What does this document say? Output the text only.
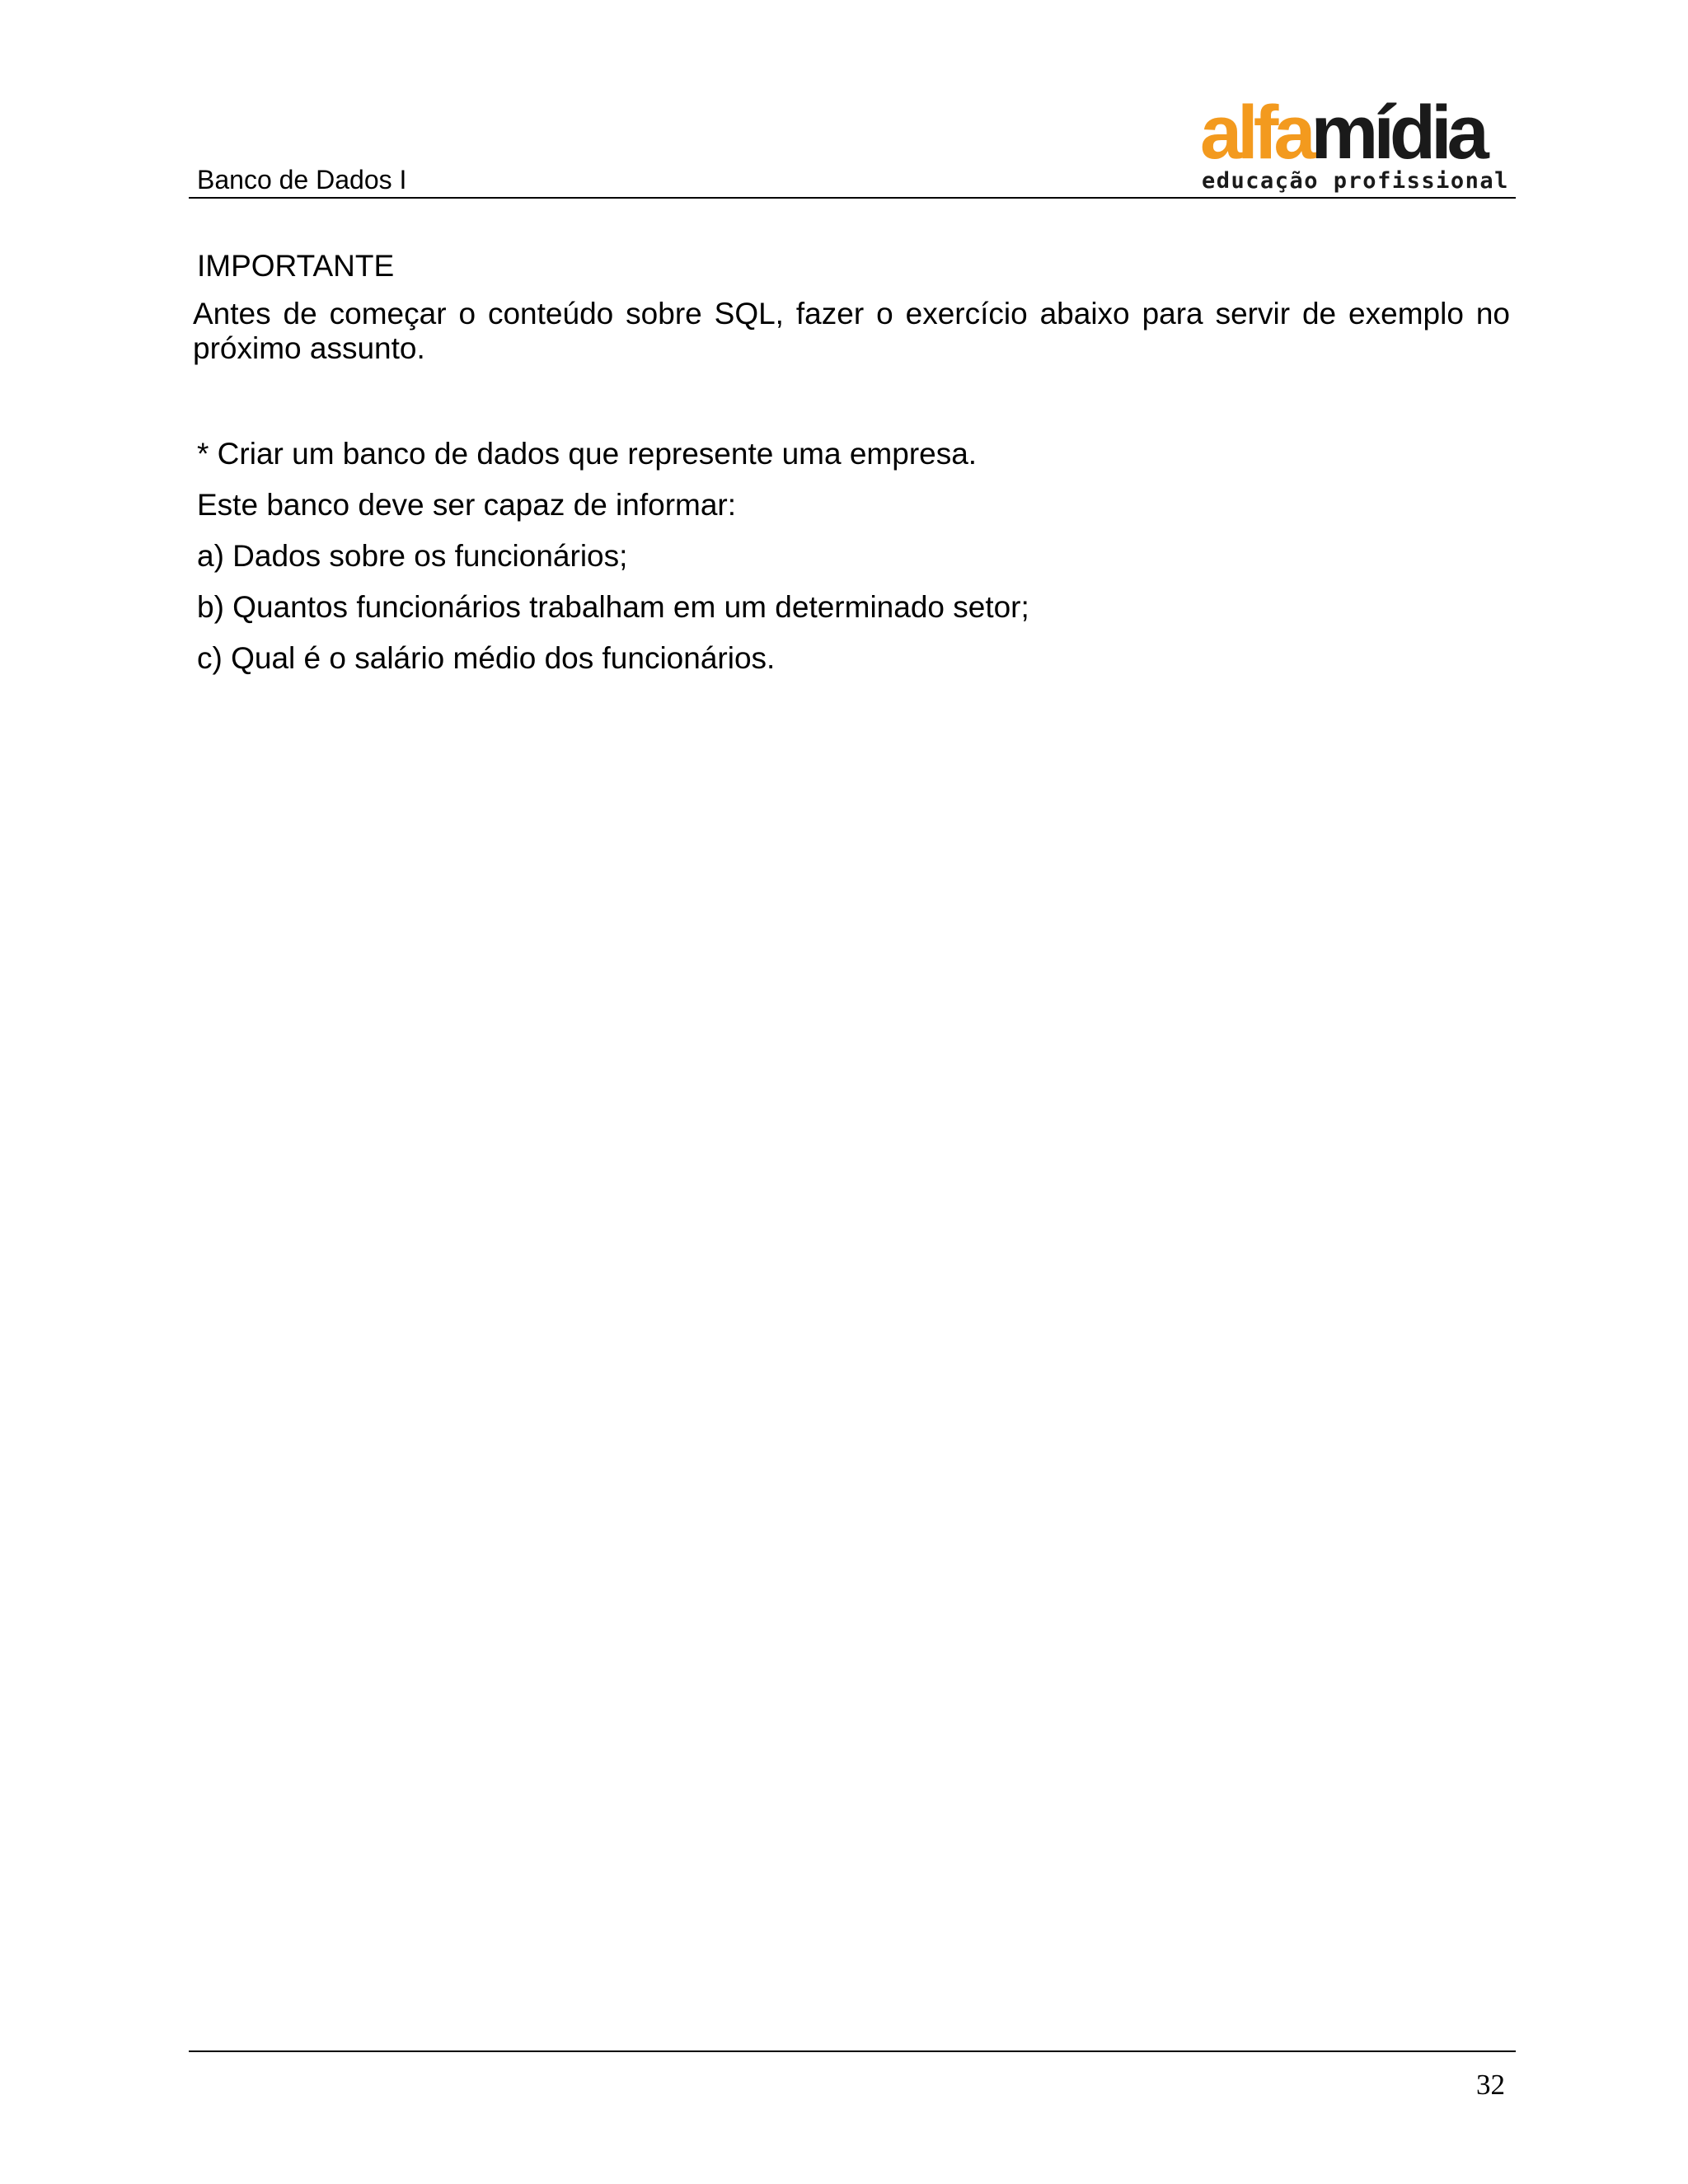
Banco de Dados I
alfamídia
educação profissional
IMPORTANTE
Antes de começar o conteúdo sobre SQL, fazer o exercício abaixo para servir de exemplo no próximo assunto.
* Criar um banco de dados que represente uma empresa.
Este banco deve ser capaz de informar:
a) Dados sobre os funcionários;
b) Quantos funcionários trabalham em um determinado setor;
c) Qual é o salário médio dos funcionários.
32
